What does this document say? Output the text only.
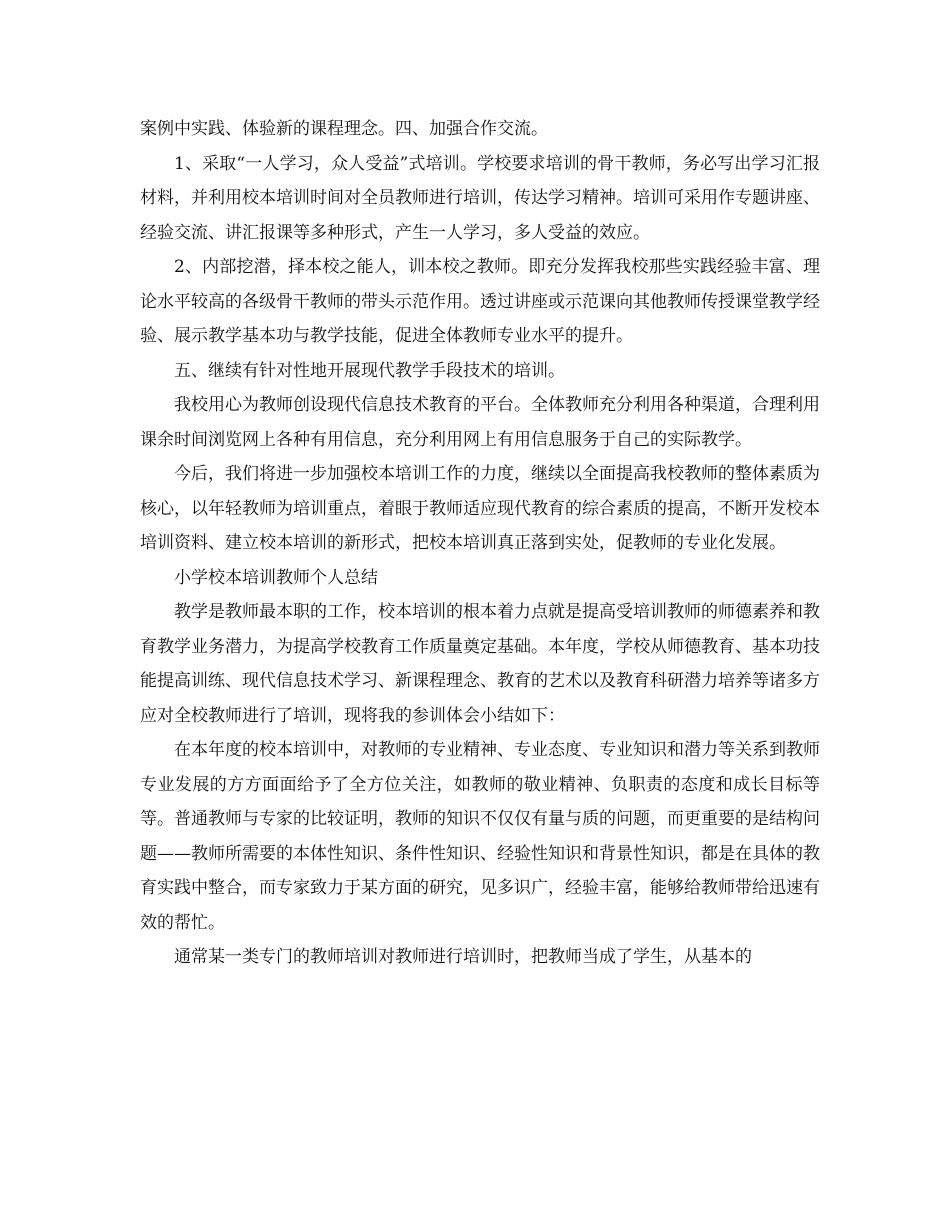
案例中实践、体验新的课程理念。四、加强合作交流。

1、采取“一人学习，众人受益”式培训。学校要求培训的骨干教师，务必写出学习汇报材料，并利用校本培训时间对全员教师进行培训，传达学习精神。培训可采用作专题讲座、经验交流、讲汇报课等多种形式，产生一人学习，多人受益的效应。

2、内部挖潜，择本校之能人，训本校之教师。即充分发挥我校那些实践经验丰富、理论水平较高的各级骨干教师的带头示范作用。透过讲座或示范课向其他教师传授课堂教学经验、展示教学基本功与教学技能，促进全体教师专业水平的提升。

五、继续有针对性地开展现代教学手段技术的培训。

我校用心为教师创设现代信息技术教育的平台。全体教师充分利用各种渠道，合理利用课余时间浏览网上各种有用信息，充分利用网上有用信息服务于自己的实际教学。

今后，我们将进一步加强校本培训工作的力度，继续以全面提高我校教师的整体素质为核心，以年轻教师为培训重点，着眼于教师适应现代教育的综合素质的提高，不断开发校本培训资料、建立校本培训的新形式，把校本培训真正落到实处，促教师的专业化发展。

小学校本培训教师个人总结

教学是教师最本职的工作，校本培训的根本着力点就是提高受培训教师的师德素养和教育教学业务潜力，为提高学校教育工作质量奠定基础。本年度，学校从师德教育、基本功技能提高训练、现代信息技术学习、新课程理念、教育的艺术以及教育科研潜力培养等诸多方应对全校教师进行了培训，现将我的参训体会小结如下：

在本年度的校本培训中，对教师的专业精神、专业态度、专业知识和潜力等关系到教师专业发展的方方面面给予了全方位关注，如教师的敬业精神、负职责的态度和成长目标等等。普通教师与专家的比较证明，教师的知识不仅仅有量与质的问题，而更重要的是结构问题——教师所需要的本体性知识、条件性知识、经验性知识和背景性知识，都是在具体的教育实践中整合，而专家致力于某方面的研究，见多识广，经验丰富，能够给教师带给迅速有效的帮忙。

通常某一类专门的教师培训对教师进行培训时，把教师当成了学生，从基本的
